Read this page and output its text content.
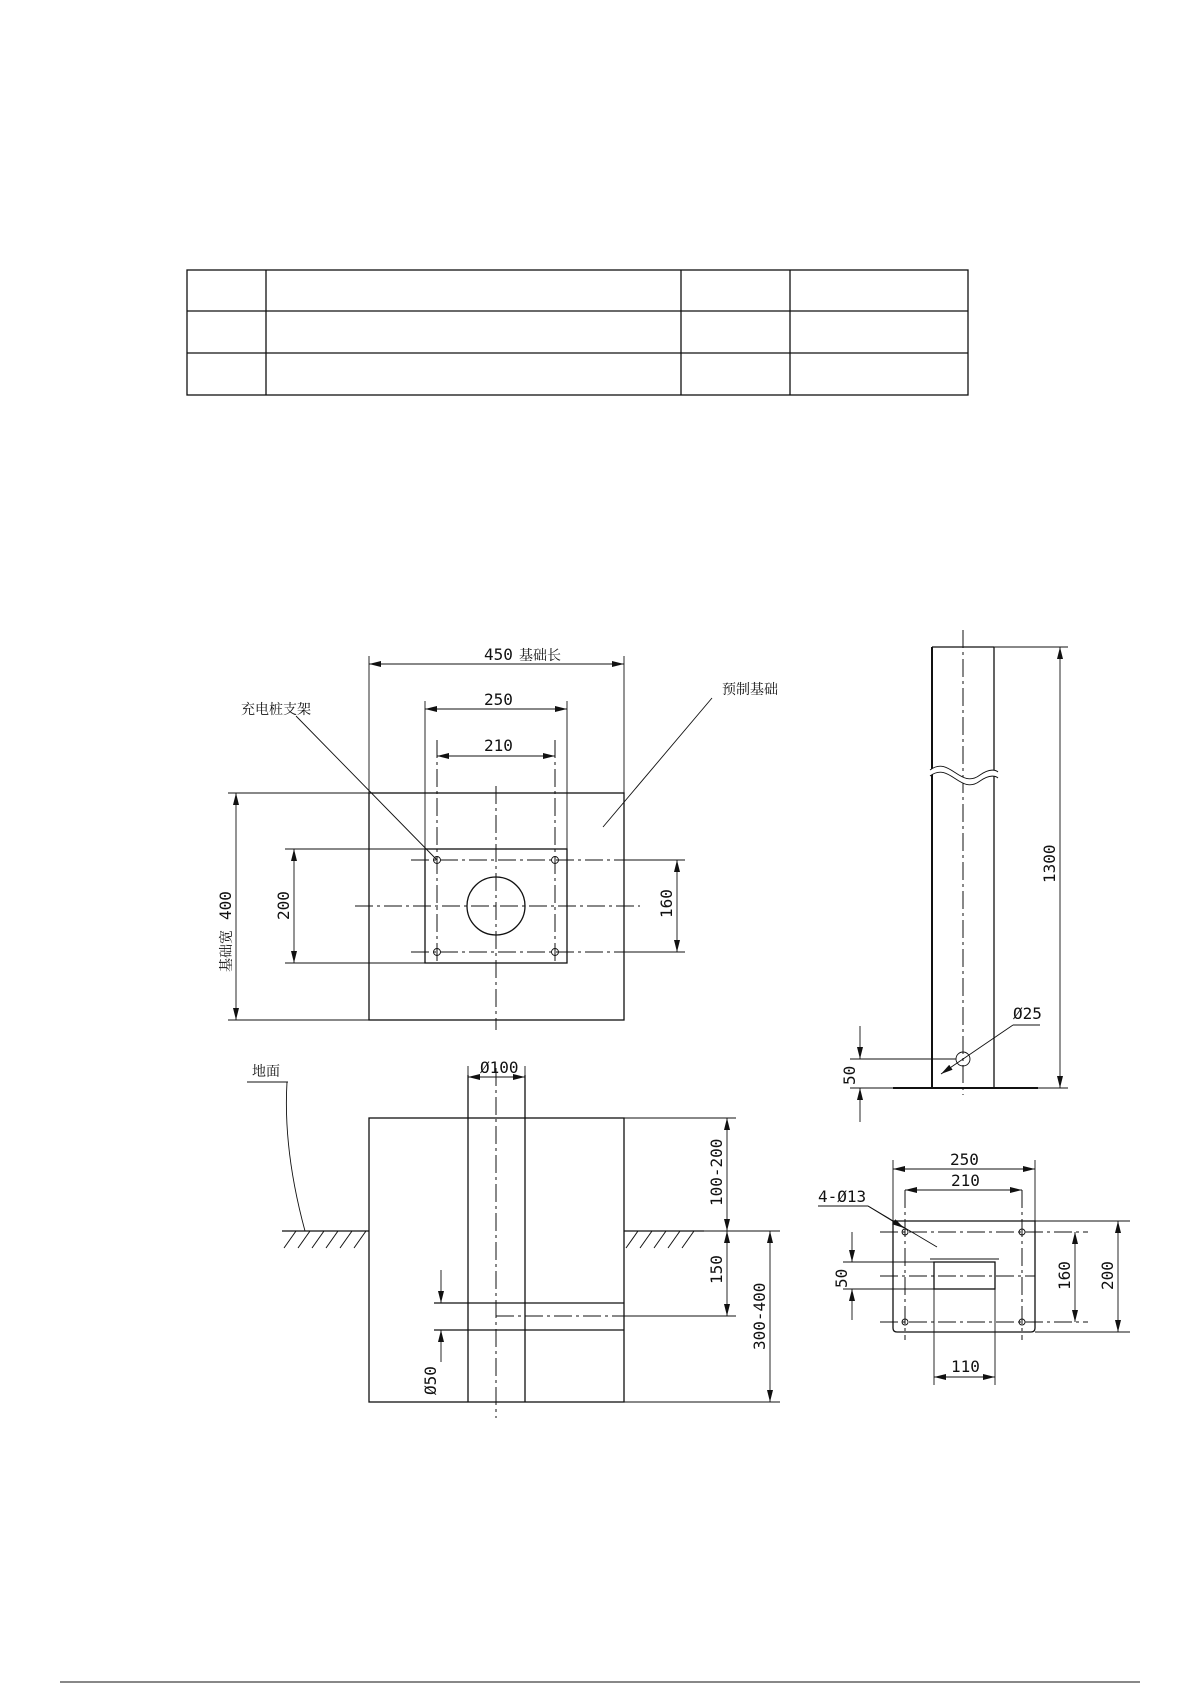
450 基础长
250
210
400
基础宽
200	160
充电桩支架
预制基础
地面	Ø100
100-200
150
300-400
Ø50
1300
Ø25
50
250
210
4-Ø13
50	160 200
110
